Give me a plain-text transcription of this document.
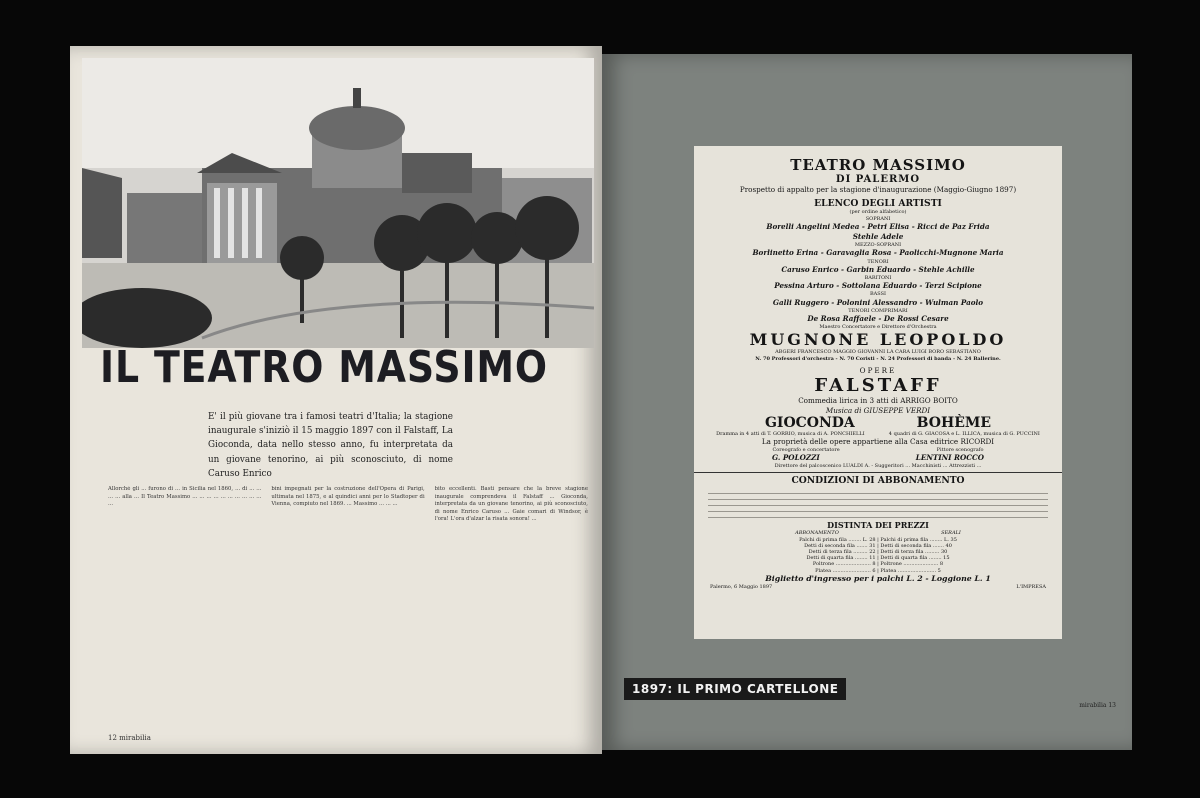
IL TEATRO MASSIMO
E' il più giovane tra i famosi teatri d'Italia; la stagione inaugurale s'iniziò il 15 maggio 1897 con il Falstaff, La Gioconda, data nello stesso anno, fu interpretata da un giovane tenorino, ai più sconosciuto, di nome Caruso Enrico
Allorché gli ... furono di ... in Sicilia nel 1860, ... di ... ... ... ... alla ... Il Teatro Massimo ... ... ... ... ... ... ... ... ... ... ...
bini impegnati per la costruzione dell'Opera di Parigi, ultimata nel 1875, e al quindici anni per lo Stadtoper di Vienna, compiuto nel 1869. ... Massimo ... ... ...
bito eccellenti. Basti pensare che la breve stagione inaugurale comprendeva il Falstaff ... Gioconda, interpretata da un giovane tenorino, ai più sconosciuto, di nome Enrico Caruso ... Gaie comari di Windsor, è l'ora! L'ora d'alzar la risata sonora! ...
12 mirabilia
TEATRO MASSIMO
DI PALERMO
Prospetto di appalto per la stagione d'inaugurazione (Maggio-Giugno 1897)
ELENCO DEGLI ARTISTI
(per ordine alfabetico)
SOPRANI
Borelli Angelini Medea - Petri Elisa - Ricci de Paz Frida
Stehle Adele
MEZZO-SOPRANI
Borlinetto Erina - Garavaglia Rosa - Paolicchi-Mugnone Maria
TENORI
Caruso Enrico - Garbin Eduardo - Stehle Achille
BARITONI
Pessina Arturo - Sottolana Eduardo - Terzi Scipione
BASSI
Galli Ruggero - Polonini Alessandro - Wulman Paolo
TENORI COMPRIMARI
De Rosa Raffaele - De Rossi Cesare
Maestro Concertatore e Direttore d'Orchestra
MUGNONE LEOPOLDO
ABGERI FRANCESCO MAGGIO GIOVANNI LA CARA LUIGI BORO SEBASTIANO
N. 70 Professori d'orchestra - N. 70 Coristi - N. 24 Professori di banda - N. 24 Ballerine.
OPERE
FALSTAFF
Commedia lirica in 3 atti di ARRIGO BOITO
Musica di GIUSEPPE VERDI
GIOCONDA	BOHÈME
Dramma in 4 atti di T. GORRIO, musica di A. PONCHIELLI	4 quadri di G. GIACOSA e L. ILLICA, musica di G. PUCCINI
La proprietà delle opere appartiene alla Casa editrice RICORDI
Coreografo e concertatore	Pittore scenografo
G. POLOZZI	LENTINI ROCCO
Direttore del palcoscenico LUALDI A. - Suggeritori ... Macchinisti ... Attrezzisti ...
CONDIZIONI DI ABBONAMENTO
DISTINTA DEI PREZZI
ABBONAMENTO	SERALI
Palchi di prima fila ........ L. 28 | Palchi di prima fila ........ L. 35
Detti di seconda fila ....... 31 | Detti di seconda fila ....... 40
Detti di terza fila ......... 22 | Detti di terza fila ......... 30
Detti di quarta fila ........ 11 | Detti di quarta fila ........ 15
Poltrone ...................... 8 | Poltrone ...................... 8
Platea ........................ 6 | Platea ........................ 5
Biglietto d'ingresso per i palchi L. 2 - Loggione L. 1
Palermo, 6 Maggio 1897	L'IMPRESA
1897: IL PRIMO CARTELLONE
mirabilia 13
